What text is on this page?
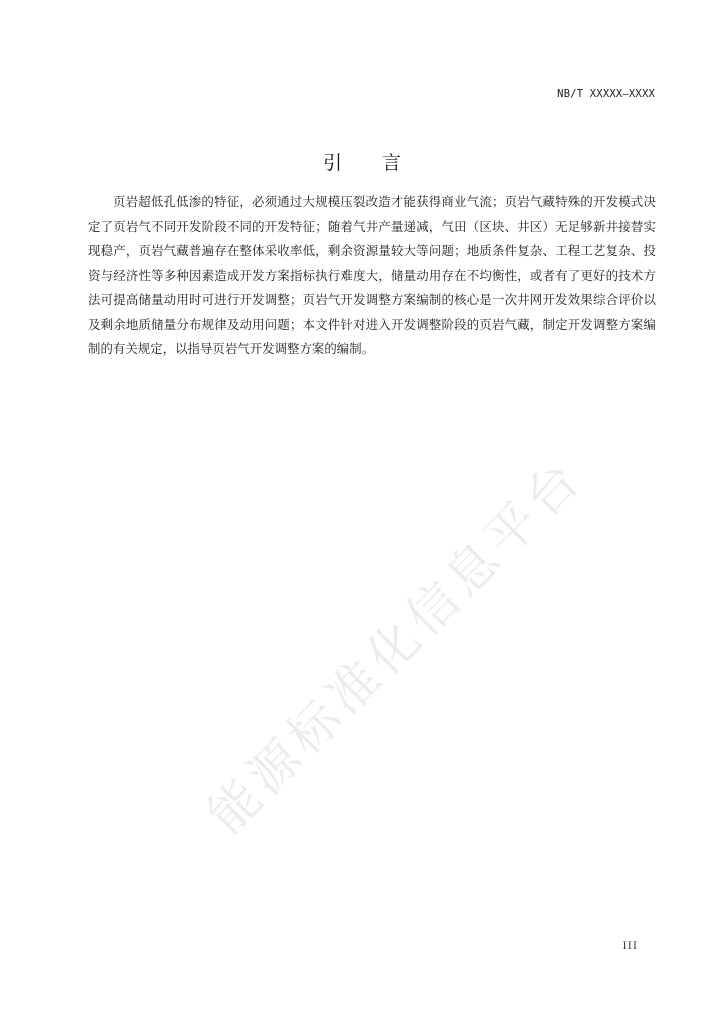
NB/T XXXXX—XXXX
引言

页岩超低孔低渗的特征，必须通过大规模压裂改造才能获得商业气流；页岩气藏特殊的开发模式决定了页岩气不同开发阶段不同的开发特征；随着气井产量递减，气田（区块、井区）无足够新井接替实现稳产，页岩气藏普遍存在整体采收率低，剩余资源量较大等问题；地质条件复杂、工程工艺复杂、投资与经济性等多种因素造成开发方案指标执行难度大，储量动用存在不均衡性，或者有了更好的技术方法可提高储量动用时可进行开发调整；页岩气开发调整方案编制的核心是一次井网开发效果综合评价以及剩余地质储量分布规律及动用问题；本文件针对进入开发调整阶段的页岩气藏，制定开发调整方案编制的有关规定，以指导页岩气开发调整方案的编制。

能源标准化信息平台
III
